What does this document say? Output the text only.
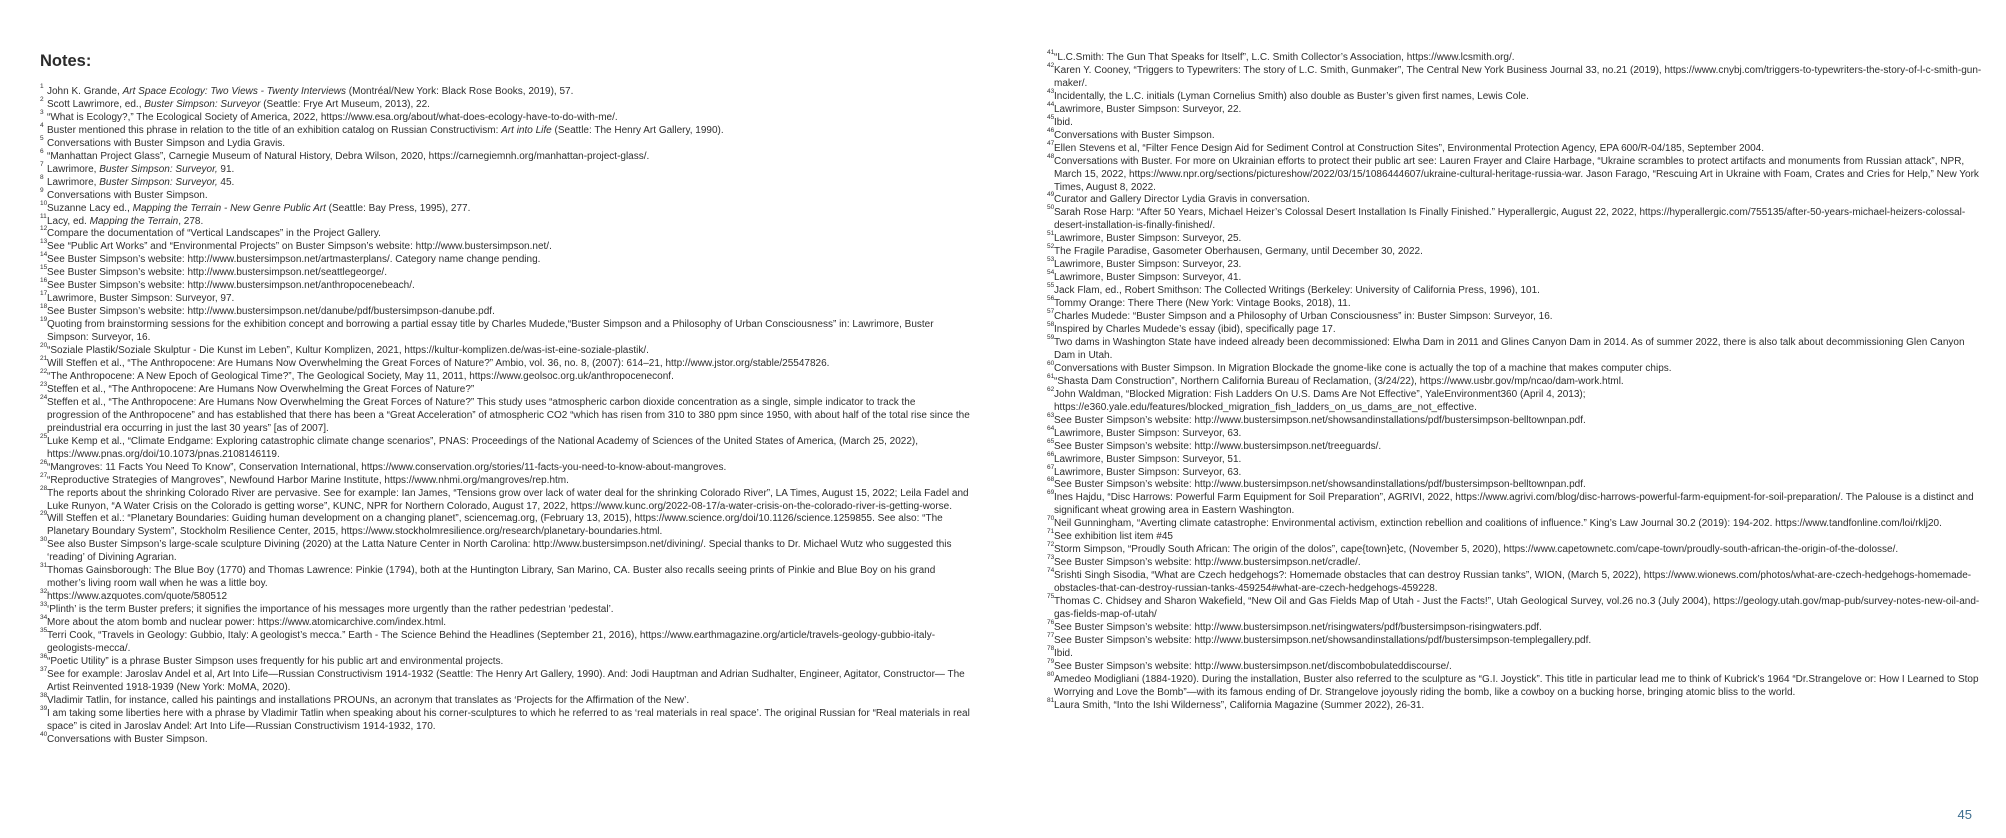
Notes:
1 John K. Grande, Art Space Ecology: Two Views - Twenty Interviews (Montréal/New York: Black Rose Books, 2019), 57.
2 Scott Lawrimore, ed., Buster Simpson: Surveyor (Seattle: Frye Art Museum, 2013), 22.
3 “What is Ecology?,” The Ecological Society of America, 2022, https://www.esa.org/about/what-does-ecology-have-to-do-with-me/.
4 Buster mentioned this phrase in relation to the title of an exhibition catalog on Russian Constructivism: Art into Life (Seattle: The Henry Art Gallery, 1990).
5 Conversations with Buster Simpson and Lydia Gravis.
6 “Manhattan Project Glass”, Carnegie Museum of Natural History, Debra Wilson, 2020, https://carnegiemnh.org/manhattan-project-glass/.
7 Lawrimore, Buster Simpson: Surveyor, 91.
8 Lawrimore, Buster Simpson: Surveyor, 45.
9 Conversations with Buster Simpson.
10 Suzanne Lacy ed., Mapping the Terrain - New Genre Public Art (Seattle: Bay Press, 1995), 277.
11 Lacy, ed. Mapping the Terrain, 278.
12 Compare the documentation of “Vertical Landscapes” in the Project Gallery.
13 See “Public Art Works” and “Environmental Projects” on Buster Simpson’s website: http://www.bustersimpson.net/.
14 See Buster Simpson’s website: http://www.bustersimpson.net/artmasterplans/. Category name change pending.
15 See Buster Simpson’s website: http://www.bustersimpson.net/seattlegeorge/.
16 See Buster Simpson’s website: http://www.bustersimpson.net/anthropocenebeach/.
17 Lawrimore, Buster Simpson: Surveyor, 97.
18 See Buster Simpson’s website: http://www.bustersimpson.net/danube/pdf/bustersimpson-danube.pdf.
19 Quoting from brainstorming sessions for the exhibition concept and borrowing a partial essay title by Charles Mudede,“Buster Simpson and a Philosophy of Urban Consciousness” in: Lawrimore, Buster Simpson: Surveyor, 16.
20 “Soziale Plastik/Soziale Skulptur - Die Kunst im Leben”, Kultur Komplizen, 2021, https://kultur-komplizen.de/was-ist-eine-soziale-plastik/.
21 Will Steffen et al., “The Anthropocene: Are Humans Now Overwhelming the Great Forces of Nature?” Ambio, vol. 36, no. 8, (2007): 614–21, http://www.jstor.org/stable/25547826.
22 “The Anthropocene: A New Epoch of Geological Time?”, The Geological Society, May 11, 2011, https://www.geolsoc.org.uk/anthropoceneconf.
23 Steffen et al., “The Anthropocene: Are Humans Now Overwhelming the Great Forces of Nature?”
24 Steffen et al., “The Anthropocene: Are Humans Now Overwhelming the Great Forces of Nature?” This study uses “atmospheric carbon dioxide concentration as a single, simple indicator to track the progression of the Anthropocene” and has established that there has been a “Great Acceleration” of atmospheric CO2 “which has risen from 310 to 380 ppm since 1950, with about half of the total rise since the preindustrial era occurring in just the last 30 years” [as of 2007].
25 Luke Kemp et al., “Climate Endgame: Exploring catastrophic climate change scenarios”, PNAS: Proceedings of the National Academy of Sciences of the United States of America, (March 25, 2022), https://www.pnas.org/doi/10.1073/pnas.2108146119.
26 “Mangroves: 11 Facts You Need To Know”, Conservation International, https://www.conservation.org/stories/11-facts-you-need-to-know-about-mangroves.
27 “Reproductive Strategies of Mangroves”, Newfound Harbor Marine Institute, https://www.nhmi.org/mangroves/rep.htm.
28 The reports about the shrinking Colorado River are pervasive. See for example: Ian James, “Tensions grow over lack of water deal for the shrinking Colorado River”, LA Times, August 15, 2022; Leila Fadel and Luke Runyon, “A Water Crisis on the Colorado is getting worse”, KUNC, NPR for Northern Colorado, August 17, 2022, https://www.kunc.org/2022-08-17/a-water-crisis-on-the-colorado-river-is-getting-worse.
29 Will Steffen et al.: “Planetary Boundaries: Guiding human development on a changing planet”, sciencemag.org, (February 13, 2015), https://www.science.org/doi/10.1126/science.1259855. See also: “The Planetary Boundary System”, Stockholm Resilience Center, 2015, https://www.stockholmresilience.org/research/planetary-boundaries.html.
30 See also Buster Simpson’s large-scale sculpture Divining (2020) at the Latta Nature Center in North Carolina: http://www.bustersimpson.net/divining/. Special thanks to Dr. Michael Wutz who suggested this ‘reading’ of Divining Agrarian.
31 Thomas Gainsborough: The Blue Boy (1770) and Thomas Lawrence: Pinkie (1794), both at the Huntington Library, San Marino, CA. Buster also recalls seeing prints of Pinkie and Blue Boy on his grand mother’s living room wall when he was a little boy.
32 https://www.azquotes.com/quote/580512
33 ‘Plinth’ is the term Buster prefers; it signifies the importance of his messages more urgently than the rather pedestrian ‘pedestal’.
34 More about the atom bomb and nuclear power: https://www.atomicarchive.com/index.html.
35 Terri Cook, “Travels in Geology: Gubbio, Italy: A geologist’s mecca.” Earth - The Science Behind the Headlines (September 21, 2016), https://www.earthmagazine.org/article/travels-geology-gubbio-italy-geologists-mecca/.
36 “Poetic Utility” is a phrase Buster Simpson uses frequently for his public art and environmental projects.
37 See for example: Jaroslav Andel et al, Art Into Life—Russian Constructivism 1914-1932 (Seattle: The Henry Art Gallery, 1990). And: Jodi Hauptman and Adrian Sudhalter, Engineer, Agitator, Constructor— The Artist Reinvented 1918-1939 (New York: MoMA, 2020).
38 Vladimir Tatlin, for instance, called his paintings and installations PROUNs, an acronym that translates as ‘Projects for the Affirmation of the New’.
39 I am taking some liberties here with a phrase by Vladimir Tatlin when speaking about his corner-sculptures to which he referred to as ‘real materials in real space’. The original Russian for “Real materials in real space” is cited in Jaroslav Andel: Art Into Life—Russian Constructivism 1914-1932, 170.
40 Conversations with Buster Simpson.
41 “L.C.Smith: The Gun That Speaks for Itself”, L.C. Smith Collector’s Association, https://www.lcsmith.org/.
42 Karen Y. Cooney, “Triggers to Typewriters: The story of L.C. Smith, Gunmaker”, The Central New York Business Journal 33, no.21 (2019), https://www.cnybj.com/triggers-to-typewriters-the-story-of-l-c-smith-gun-maker/.
43 Incidentally, the L.C. initials (Lyman Cornelius Smith) also double as Buster’s given first names, Lewis Cole.
44 Lawrimore, Buster Simpson: Surveyor, 22.
45 Ibid.
46 Conversations with Buster Simpson.
47 Ellen Stevens et al, “Filter Fence Design Aid for Sediment Control at Construction Sites”, Environmental Protection Agency, EPA 600/R-04/185, September 2004.
48 Conversations with Buster. For more on Ukrainian efforts to protect their public art see: Lauren Frayer and Claire Harbage, “Ukraine scrambles to protect artifacts and monuments from Russian attack”, NPR, March 15, 2022, https://www.npr.org/sections/pictureshow/2022/03/15/1086444607/ukraine-cultural-heritage-russia-war. Jason Farago, “Rescuing Art in Ukraine with Foam, Crates and Cries for Help,” New York Times, August 8, 2022.
49 Curator and Gallery Director Lydia Gravis in conversation.
50 Sarah Rose Harp: “After 50 Years, Michael Heizer’s Colossal Desert Installation Is Finally Finished.” Hyperallergic, August 22, 2022, https://hyperallergic.com/755135/after-50-years-michael-heizers-colossal-desert-installation-is-finally-finished/.
51 Lawrimore, Buster Simpson: Surveyor, 25.
52 The Fragile Paradise, Gasometer Oberhausen, Germany, until December 30, 2022.
53 Lawrimore, Buster Simpson: Surveyor, 23.
54 Lawrimore, Buster Simpson: Surveyor, 41.
55 Jack Flam, ed., Robert Smithson: The Collected Writings (Berkeley: University of California Press, 1996), 101.
56 Tommy Orange: There There (New York: Vintage Books, 2018), 11.
57 Charles Mudede: “Buster Simpson and a Philosophy of Urban Consciousness” in: Buster Simpson: Surveyor, 16.
58 Inspired by Charles Mudede’s essay (ibid), specifically page 17.
59 Two dams in Washington State have indeed already been decommissioned: Elwha Dam in 2011 and Glines Canyon Dam in 2014. As of summer 2022, there is also talk about decommissioning Glen Canyon Dam in Utah.
60 Conversations with Buster Simpson. In Migration Blockade the gnome-like cone is actually the top of a machine that makes computer chips.
61 “Shasta Dam Construction”, Northern California Bureau of Reclamation, (3/24/22), https://www.usbr.gov/mp/ncao/dam-work.html.
62 John Waldman, “Blocked Migration: Fish Ladders On U.S. Dams Are Not Effective”, YaleEnvironment360 (April 4, 2013); https://e360.yale.edu/features/blocked_migration_fish_ladders_on_us_dams_are_not_effective.
63 See Buster Simpson’s website: http://www.bustersimpson.net/showsandinstallations/pdf/bustersimpson-belltownpan.pdf.
64 Lawrimore, Buster Simpson: Surveyor, 63.
65 See Buster Simpson’s website: http://www.bustersimpson.net/treeguards/.
66 Lawrimore, Buster Simpson: Surveyor, 51.
67 Lawrimore, Buster Simpson: Surveyor, 63.
68 See Buster Simpson’s website: http://www.bustersimpson.net/showsandinstallations/pdf/bustersimpson-belltownpan.pdf.
69 Ines Hajdu, “Disc Harrows: Powerful Farm Equipment for Soil Preparation”, AGRIVI, 2022, https://www.agrivi.com/blog/disc-harrows-powerful-farm-equipment-for-soil-preparation/. The Palouse is a distinct and significant wheat growing area in Eastern Washington.
70 Neil Gunningham, “Averting climate catastrophe: Environmental activism, extinction rebellion and coalitions of influence.” King’s Law Journal 30.2 (2019): 194-202. https://www.tandfonline.com/loi/rklj20.
71 See exhibition list item #45
72 Storm Simpson, “Proudly South African: The origin of the dolos”, cape{town}etc, (November 5, 2020), https://www.capetownetc.com/cape-town/proudly-south-african-the-origin-of-the-dolosse/.
73 See Buster Simpson’s website: http://www.bustersimpson.net/cradle/.
74 Srishti Singh Sisodia, “What are Czech hedgehogs?: Homemade obstacles that can destroy Russian tanks”, WION, (March 5, 2022), https://www.wionews.com/photos/what-are-czech-hedgehogs-homemade-obstacles-that-can-destroy-russian-tanks-459254#what-are-czech-hedgehogs-459228.
75 Thomas C. Chidsey and Sharon Wakefield, “New Oil and Gas Fields Map of Utah - Just the Facts!”, Utah Geological Survey, vol.26 no.3 (July 2004), https://geology.utah.gov/map-pub/survey-notes-new-oil-and-gas-fields-map-of-utah/
76 See Buster Simpson’s website: http://www.bustersimpson.net/risingwaters/pdf/bustersimpson-risingwaters.pdf.
77 See Buster Simpson’s website: http://www.bustersimpson.net/showsandinstallations/pdf/bustersimpson-templegallery.pdf.
78 Ibid.
79 See Buster Simpson’s website: http://www.bustersimpson.net/discombobulateddiscourse/.
80 Amedeo Modigliani (1884-1920). During the installation, Buster also referred to the sculpture as “G.I. Joystick”. This title in particular lead me to think of Kubrick’s 1964 “Dr.Strangelove or: How I Learned to Stop Worrying and Love the Bomb”—with its famous ending of Dr. Strangelove joyously riding the bomb, like a cowboy on a bucking horse, bringing atomic bliss to the world.
81 Laura Smith, “Into the Ishi Wilderness”, California Magazine (Summer 2022), 26-31.
45
